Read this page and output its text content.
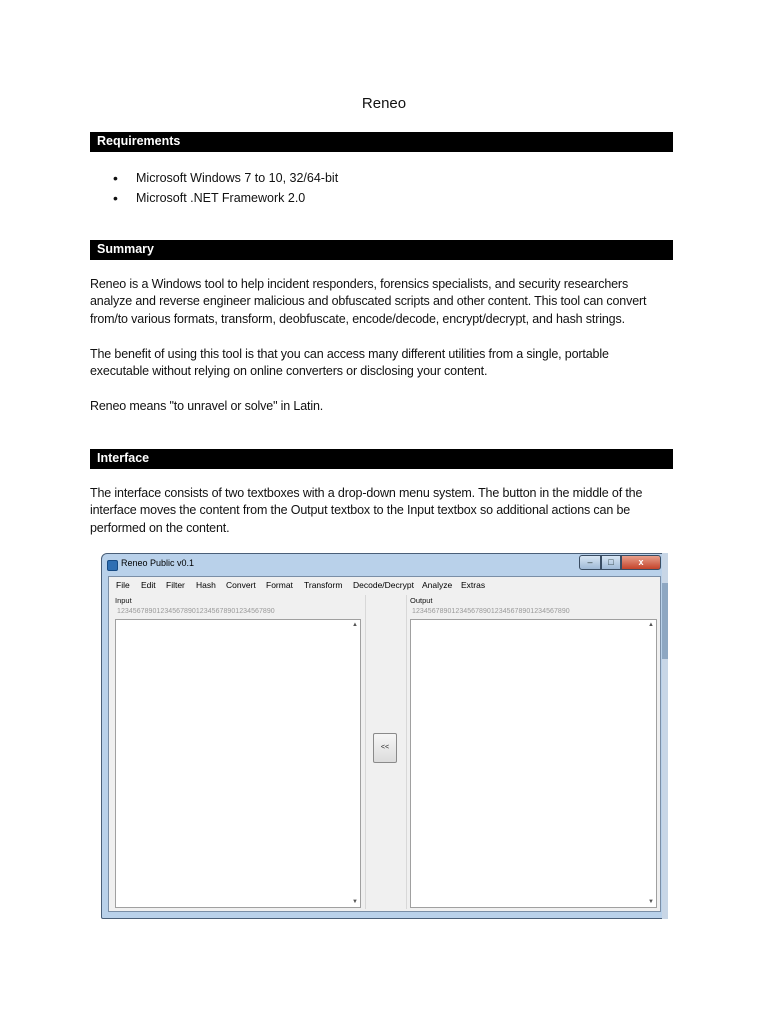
Reneo
Requirements
• Microsoft Windows 7 to 10, 32/64-bit
• Microsoft .NET Framework 2.0
Summary
Reneo is a Windows tool to help incident responders, forensics specialists, and security researchers
analyze and reverse engineer malicious and obfuscated scripts and other content. This tool can convert
from/to various formats, transform, deobfuscate, encode/decode, encrypt/decrypt, and hash strings.
The benefit of using this tool is that you can access many different utilities from a single, portable
executable without relying on online converters or disclosing your content.
Reneo means "to unravel or solve" in Latin.
Interface
The interface consists of two textboxes with a drop-down menu system. The button in the middle of the
interface moves the content from the Output textbox to the Input textbox so additional actions can be
performed on the content.
Reneo Public v0.1	–	□	x
File Edit Filter Hash Convert Format Transform Decode/Decrypt Analyze Extras
Input
1234567890123456789012345678901234567890
▲
▼
<<
Output
1234567890123456789012345678901234567890
▲
▼
